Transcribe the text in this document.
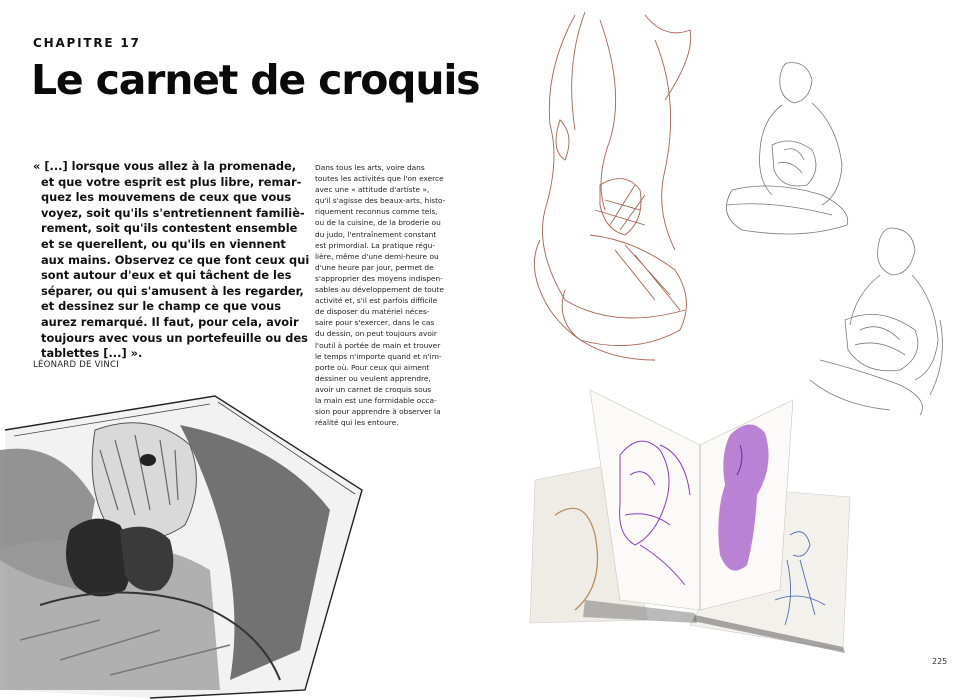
CHAPITRE 17
Le carnet de croquis

« [...] lorsque vous allez à la promenade,
et que votre esprit est plus libre, remar-
quez les mouvemens de ceux que vous
voyez, soit qu'ils s'entretiennent familiè-
rement, soit qu'ils contestent ensemble
et se querellent, ou qu'ils en viennent
aux mains. Observez ce que font ceux qui
sont autour d'eux et qui tâchent de les
séparer, ou qui s'amusent à les regarder,
et dessinez sur le champ ce que vous
aurez remarqué. Il faut, pour cela, avoir
toujours avec vous un portefeuille ou des
tablettes [...] ».

LÉONARD DE VINCI
Dans tous les arts, voire dans
toutes les activités que l'on exerce
avec une « attitude d'artiste »,
qu'il s'agisse des beaux-arts, histo-
riquement reconnus comme tels,
ou de la cuisine, de la broderie ou
du judo, l'entraînement constant
est primordial. La pratique régu-
lière, même d'une demi-heure ou
d'une heure par jour, permet de
s'approprier des moyens indispen-
sables au développement de toute
activité et, s'il est parfois difficile
de disposer du matériel néces-
saire pour s'exercer, dans le cas
du dessin, on peut toujours avoir
l'outil à portée de main et trouver
le temps n'importe quand et n'im-
porte où. Pour ceux qui aiment
dessiner ou veulent apprendre,
avoir un carnet de croquis sous
la main est une formidable occa-
sion pour apprendre à observer la
réalité qui les entoure.
225
